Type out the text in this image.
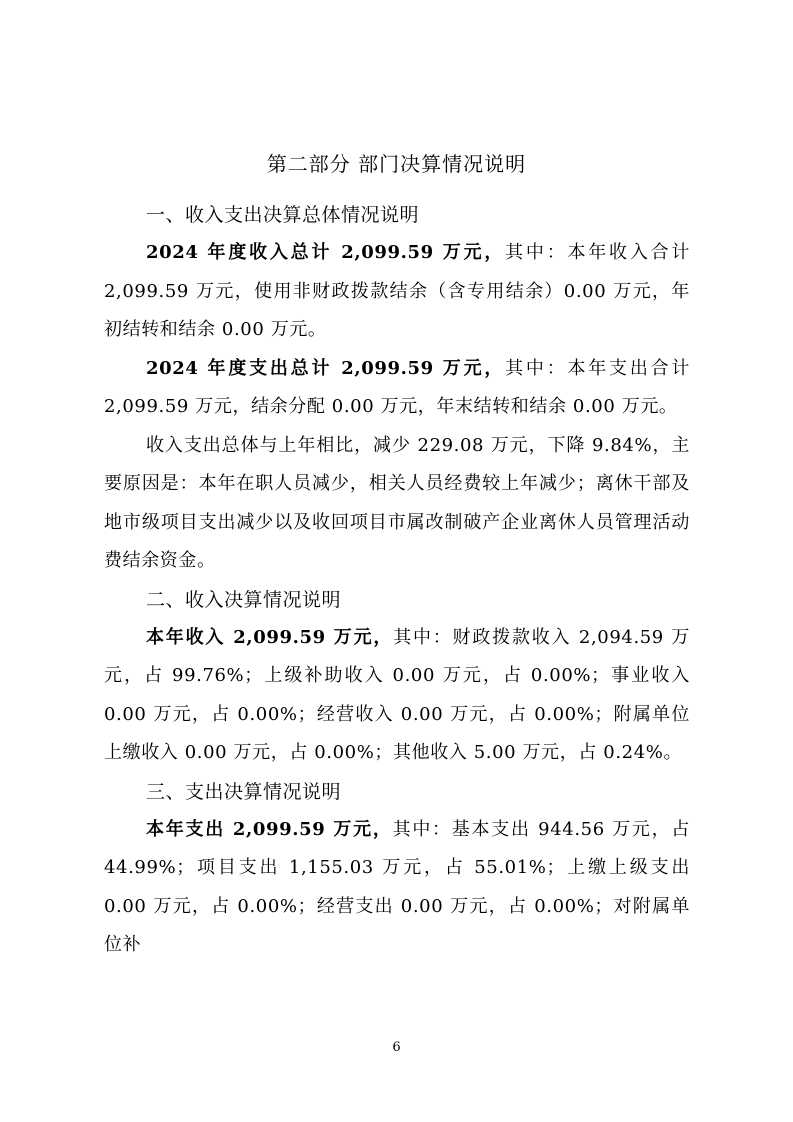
第二部分 部门决算情况说明

一、收入支出决算总体情况说明

2024 年度收入总计 2,099.59 万元，其中：本年收入合计 2,099.59 万元，使用非财政拨款结余（含专用结余）0.00 万元，年初结转和结余 0.00 万元。

2024 年度支出总计 2,099.59 万元，其中：本年支出合计 2,099.59 万元，结余分配 0.00 万元，年末结转和结余 0.00 万元。

收入支出总体与上年相比，减少 229.08 万元，下降 9.84%，主要原因是：本年在职人员减少，相关人员经费较上年减少；离休干部及地市级项目支出减少以及收回项目市属改制破产企业离休人员管理活动费结余资金。

二、收入决算情况说明

本年收入 2,099.59 万元，其中：财政拨款收入 2,094.59 万元，占 99.76%；上级补助收入 0.00 万元，占 0.00%；事业收入 0.00 万元，占 0.00%；经营收入 0.00 万元，占 0.00%；附属单位上缴收入 0.00 万元，占 0.00%；其他收入 5.00 万元，占 0.24%。

三、支出决算情况说明

本年支出 2,099.59 万元，其中：基本支出 944.56 万元，占 44.99%；项目支出 1,155.03 万元，占 55.01%；上缴上级支出 0.00 万元，占 0.00%；经营支出 0.00 万元，占 0.00%；对附属单位补

6
